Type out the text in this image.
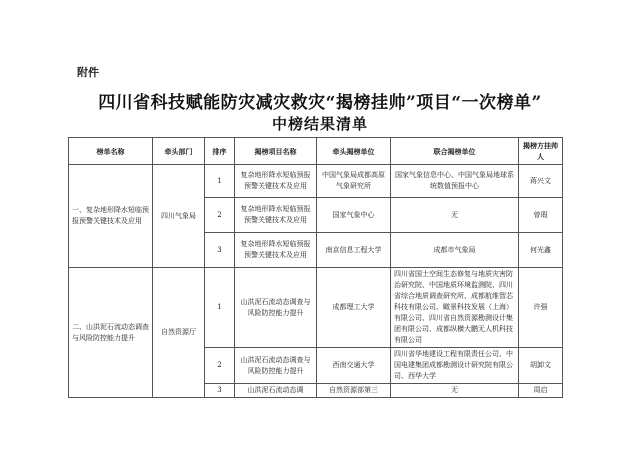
附件
四川省科技赋能防灾减灾救灾“揭榜挂帅”项目“一次榜单”
中榜结果清单
榜单名称	牵头部门	排序	揭榜项目名称	牵头揭榜单位	联合揭榜单位	揭榜方挂帅人
一、复杂地形降水短临预报预警关键技术及应用	四川气象局	1	复杂地形降水短临预报预警关键技术及应用	中国气象局成都高原气象研究所	国家气象信息中心、中国气象局地球系统数值预报中心	蒋兴文
		2	复杂地形降水短临预报预警关键技术及应用	国家气象中心	无	曾瑕
		3	复杂地形降水短临预报预警关键技术及应用	南京信息工程大学	成都市气象局	何光鑫
二、山洪泥石流动态调查与风险防控能力提升	自然资源厅	1	山洪泥石流动态调查与风险防控能力提升	成都理工大学	四川省国土空间生态修复与地质灾害防治研究院、中国地质环境监测院、四川省综合地质调查研究所、成都航维智芯科技有限公司、瞰景科技发展（上海）有限公司、四川省自然资源勘测设计集团有限公司、成都纵横大鹏无人机科技有限公司	许强
		2	山洪泥石流动态调查与风险防控能力提升	西南交通大学	四川省华地建设工程有限责任公司、中国电建集团成都勘测设计研究院有限公司、西华大学	胡卸文
		3	山洪泥石流动态调	自然资源部第三	无	周启
